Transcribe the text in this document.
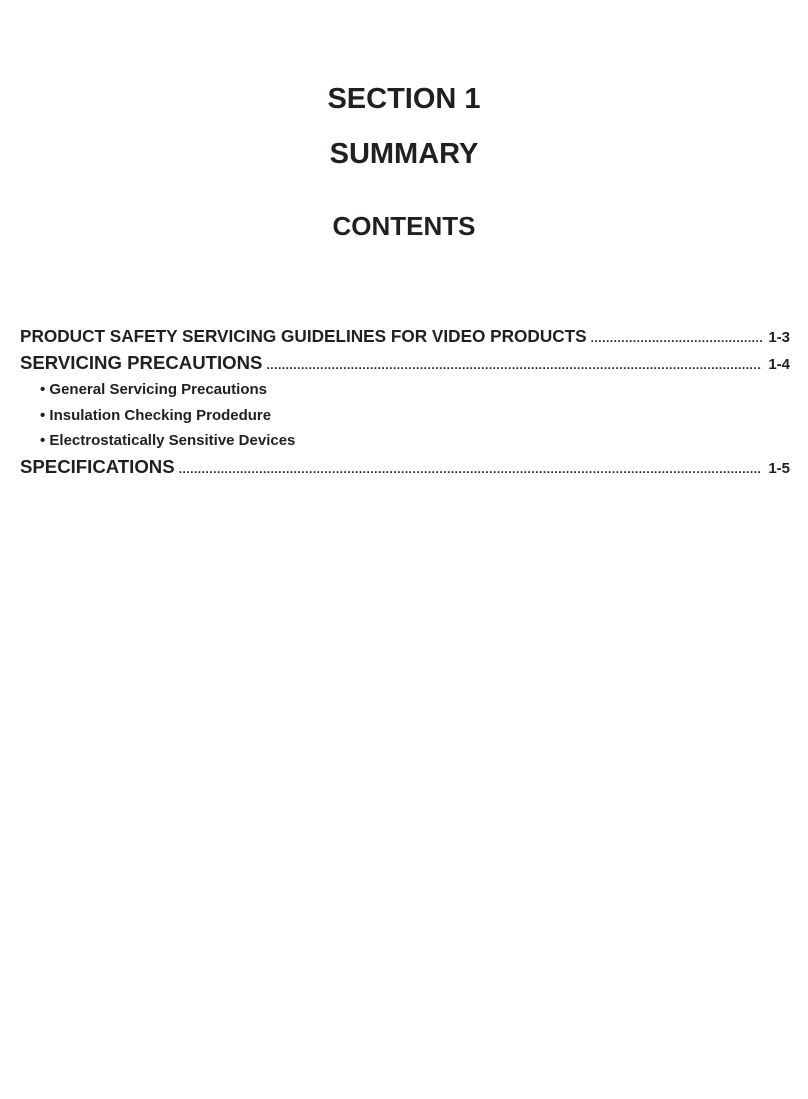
SECTION 1
SUMMARY
CONTENTS
PRODUCT SAFETY SERVICING GUIDELINES FOR VIDEO PRODUCTS .....	1-3
SERVICING PRECAUTIONS .....	1-4
• General Servicing Precautions
• Insulation Checking Prodedure
• Electrostatically Sensitive Devices
SPECIFICATIONS .....	1-5
